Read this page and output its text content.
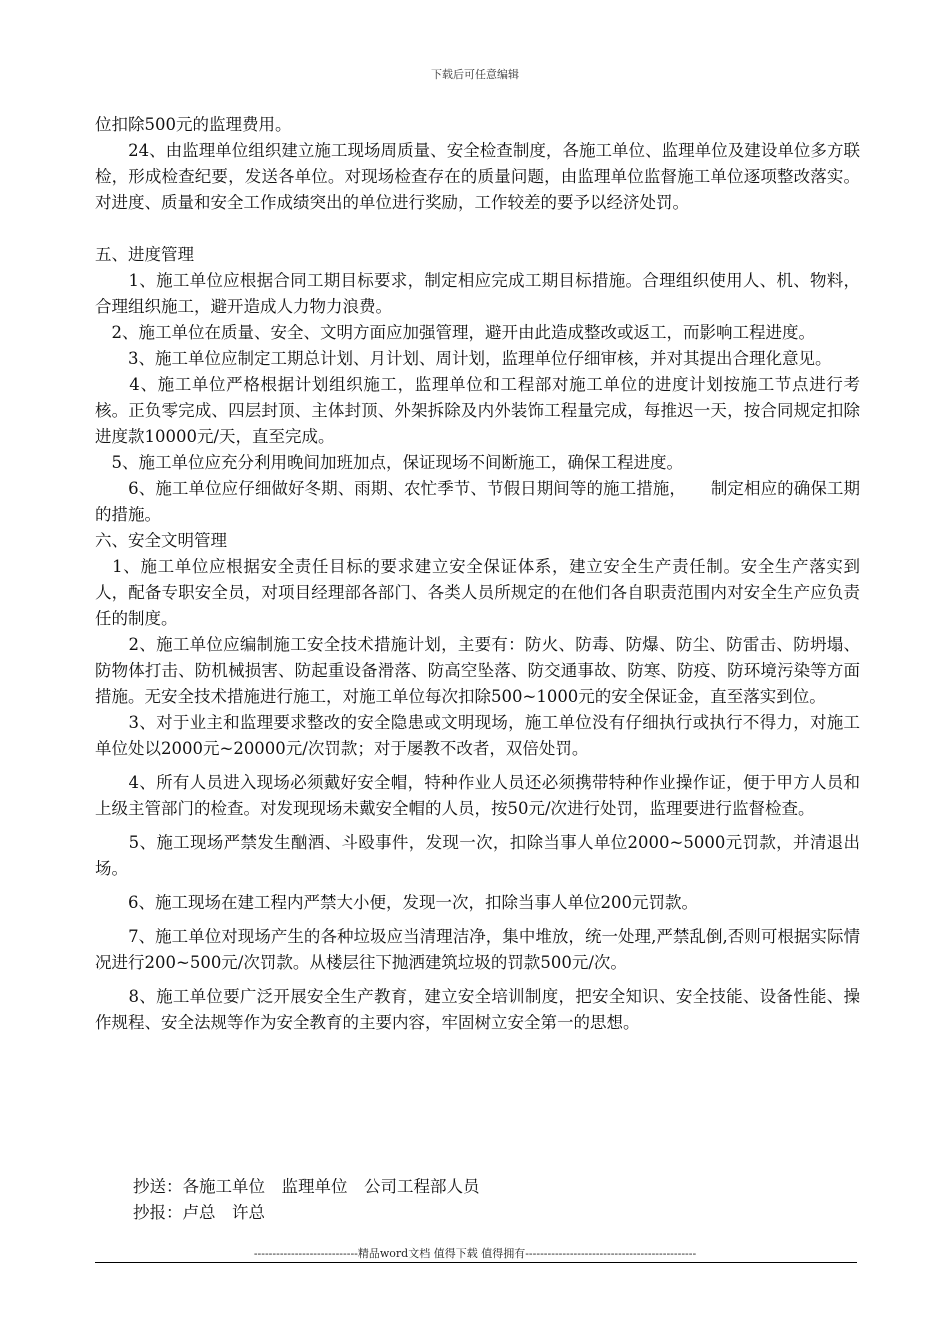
下载后可任意编辑

位扣除500元的监理费用。

　　24、由监理单位组织建立施工现场周质量、安全检查制度，各施工单位、监理单位及建设单位多方联检，形成检查纪要，发送各单位。对现场检查存在的质量问题，由监理单位监督施工单位逐项整改落实。对进度、质量和安全工作成绩突出的单位进行奖励，工作较差的要予以经济处罚。

五、进度管理

　　1、施工单位应根据合同工期目标要求，制定相应完成工期目标措施。合理组织使用人、机、物料，合理组织施工，避开造成人力物力浪费。

　2、施工单位在质量、安全、文明方面应加强管理，避开由此造成整改或返工，而影响工程进度。

　　3、施工单位应制定工期总计划、月计划、周计划，监理单位仔细审核，并对其提出合理化意见。

　　4、施工单位严格根据计划组织施工，监理单位和工程部对施工单位的进度计划按施工节点进行考核。正负零完成、四层封顶、主体封顶、外架拆除及内外装饰工程量完成，每推迟一天，按合同规定扣除进度款10000元/天，直至完成。

　5、施工单位应充分利用晚间加班加点，保证现场不间断施工，确保工程进度。

　　6、施工单位应仔细做好冬期、雨期、农忙季节、节假日期间等的施工措施，　　制定相应的确保工期的措施。

六、安全文明管理

　1、施工单位应根据安全责任目标的要求建立安全保证体系，建立安全生产责任制。安全生产落实到人，配备专职安全员，对项目经理部各部门、各类人员所规定的在他们各自职责范围内对安全生产应负责任的制度。

　　2、施工单位应编制施工安全技术措施计划，主要有：防火、防毒、防爆、防尘、防雷击、防坍塌、防物体打击、防机械损害、防起重设备滑落、防高空坠落、防交通事故、防寒、防疫、防环境污染等方面措施。无安全技术措施进行施工，对施工单位每次扣除500~1000元的安全保证金，直至落实到位。

　　3、对于业主和监理要求整改的安全隐患或文明现场，施工单位没有仔细执行或执行不得力，对施工单位处以2000元~20000元/次罚款；对于屡教不改者，双倍处罚。

　　4、所有人员进入现场必须戴好安全帽，特种作业人员还必须携带特种作业操作证，便于甲方人员和上级主管部门的检查。对发现现场未戴安全帽的人员，按50元/次进行处罚，监理要进行监督检查。

　　5、施工现场严禁发生酗酒、斗殴事件，发现一次，扣除当事人单位2000~5000元罚款，并清退出场。

　　6、施工现场在建工程内严禁大小便，发现一次，扣除当事人单位200元罚款。

　　7、施工单位对现场产生的各种垃圾应当清理洁净，集中堆放，统一处理,严禁乱倒,否则可根据实际情况进行200~500元/次罚款。从楼层往下抛洒建筑垃圾的罚款500元/次。

　　8、施工单位要广泛开展安全生产教育，建立安全培训制度，把安全知识、安全技能、设备性能、操作规程、安全法规等作为安全教育的主要内容，牢固树立安全第一的思想。

抄送：各施工单位　监理单位　公司工程部人员
抄报：卢总　许总
----------------------------精品word文档 值得下载 值得拥有----------------------------------------------
